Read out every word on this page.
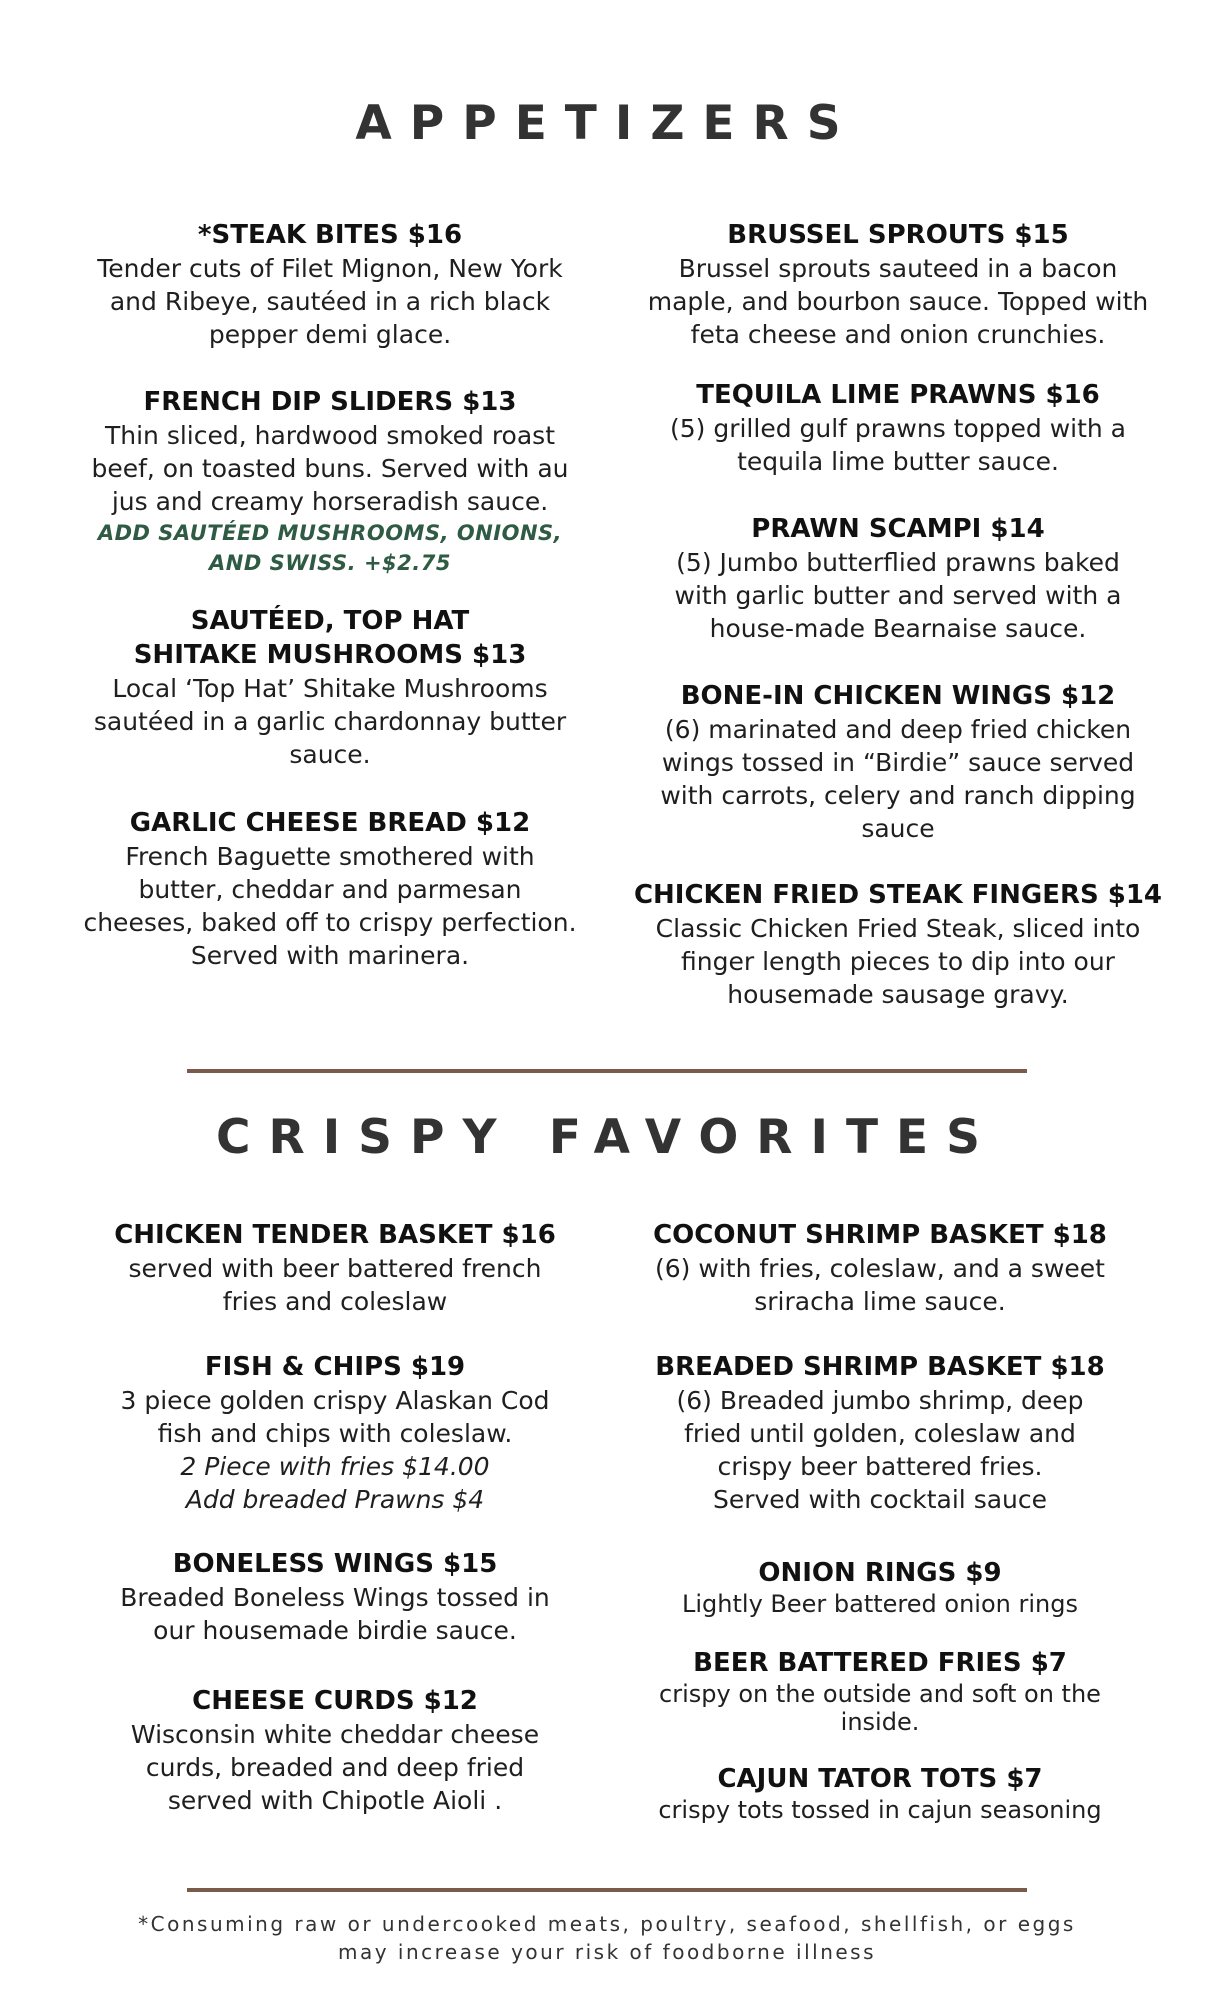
APPETIZERS
*STEAK BITES $16
Tender cuts of Filet Mignon, New York
and Ribeye, sautéed in a rich black
pepper demi glace.
FRENCH DIP SLIDERS $13
Thin sliced, hardwood smoked roast
beef, on toasted buns. Served with au
jus and creamy horseradish sauce.
ADD SAUTÉED MUSHROOMS, ONIONS,
AND SWISS. +$2.75
SAUTÉED, TOP HAT
SHITAKE MUSHROOMS $13
Local ‘Top Hat’ Shitake Mushrooms
sautéed in a garlic chardonnay butter
sauce.
GARLIC CHEESE BREAD $12
French Baguette smothered with
butter, cheddar and parmesan
cheeses, baked off to crispy perfection.
Served with marinera.
BRUSSEL SPROUTS $15
Brussel sprouts sauteed in a bacon
maple, and bourbon sauce. Topped with
feta cheese and onion crunchies.
TEQUILA LIME PRAWNS $16
(5) grilled gulf prawns topped with a
tequila lime butter sauce.
PRAWN SCAMPI $14
(5) Jumbo butterflied prawns baked
with garlic butter and served with a
house-made Bearnaise sauce.
BONE-IN CHICKEN WINGS $12
(6) marinated and deep fried chicken
wings tossed in “Birdie” sauce served
with carrots, celery and ranch dipping
sauce
CHICKEN FRIED STEAK FINGERS $14
Classic Chicken Fried Steak, sliced into
finger length pieces to dip into our
housemade sausage gravy.
CRISPY FAVORITES
CHICKEN TENDER BASKET $16
served with beer battered french
fries and coleslaw
FISH & CHIPS $19
3 piece golden crispy Alaskan Cod
fish and chips with coleslaw.
2 Piece with fries $14.00
Add breaded Prawns $4
BONELESS WINGS $15
Breaded Boneless Wings tossed in
our housemade birdie sauce.
CHEESE CURDS $12
Wisconsin white cheddar cheese
curds, breaded and deep fried
served with Chipotle Aioli .
COCONUT SHRIMP BASKET $18
(6) with fries, coleslaw, and a sweet
sriracha lime sauce.
BREADED SHRIMP BASKET $18
(6) Breaded jumbo shrimp, deep
fried until golden, coleslaw and
crispy beer battered fries.
Served with cocktail sauce
ONION RINGS $9
Lightly Beer battered onion rings
BEER BATTERED FRIES $7
crispy on the outside and soft on the
inside.
CAJUN TATOR TOTS $7
crispy tots tossed in cajun seasoning
*Consuming raw or undercooked meats, poultry, seafood, shellfish, or eggs
may increase your risk of foodborne illness
